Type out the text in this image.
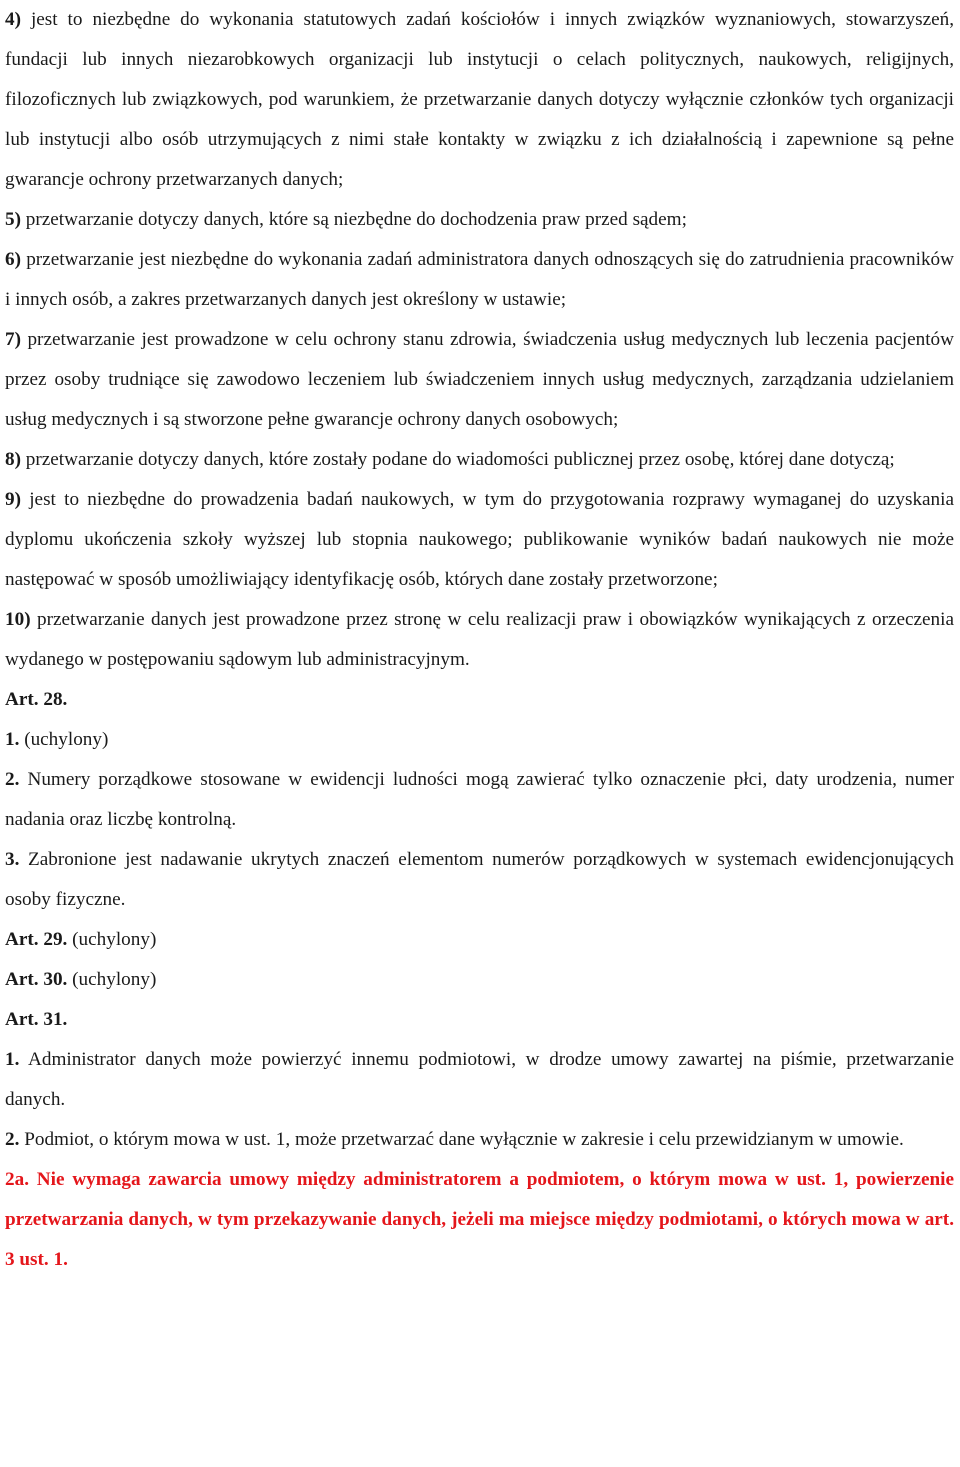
4) jest to niezbędne do wykonania statutowych zadań kościołów i innych związków wyznaniowych, stowarzyszeń, fundacji lub innych niezarobkowych organizacji lub instytucji o celach politycznych, naukowych, religijnych, filozoficznych lub związkowych, pod warunkiem, że przetwarzanie danych dotyczy wyłącznie członków tych organizacji lub instytucji albo osób utrzymujących z nimi stałe kontakty w związku z ich działalnością i zapewnione są pełne gwarancje ochrony przetwarzanych danych;

5) przetwarzanie dotyczy danych, które są niezbędne do dochodzenia praw przed sądem;

6) przetwarzanie jest niezbędne do wykonania zadań administratora danych odnoszących się do zatrudnienia pracowników i innych osób, a zakres przetwarzanych danych jest określony w ustawie;

7) przetwarzanie jest prowadzone w celu ochrony stanu zdrowia, świadczenia usług medycznych lub leczenia pacjentów przez osoby trudniące się zawodowo leczeniem lub świadczeniem innych usług medycznych, zarządzania udzielaniem usług medycznych i są stworzone pełne gwarancje ochrony danych osobowych;

8) przetwarzanie dotyczy danych, które zostały podane do wiadomości publicznej przez osobę, której dane dotyczą;

9) jest to niezbędne do prowadzenia badań naukowych, w tym do przygotowania rozprawy wymaganej do uzyskania dyplomu ukończenia szkoły wyższej lub stopnia naukowego; publikowanie wyników badań naukowych nie może następować w sposób umożliwiający identyfikację osób, których dane zostały przetworzone;

10) przetwarzanie danych jest prowadzone przez stronę w celu realizacji praw i obowiązków wynikających z orzeczenia wydanego w postępowaniu sądowym lub administracyjnym.

Art. 28.

1. (uchylony)

2. Numery porządkowe stosowane w ewidencji ludności mogą zawierać tylko oznaczenie płci, daty urodzenia, numer nadania oraz liczbę kontrolną.

3. Zabronione jest nadawanie ukrytych znaczeń elementom numerów porządkowych w systemach ewidencjonujących osoby fizyczne.

Art. 29. (uchylony)

Art. 30. (uchylony)

Art. 31.

1. Administrator danych może powierzyć innemu podmiotowi, w drodze umowy zawartej na piśmie, przetwarzanie danych.

2. Podmiot, o którym mowa w ust. 1, może przetwarzać dane wyłącznie w zakresie i celu przewidzianym w umowie.

2a. Nie wymaga zawarcia umowy między administratorem a podmiotem, o którym mowa w ust. 1, powierzenie przetwarzania danych, w tym przekazywanie danych, jeżeli ma miejsce między podmiotami, o których mowa w art. 3 ust. 1.
